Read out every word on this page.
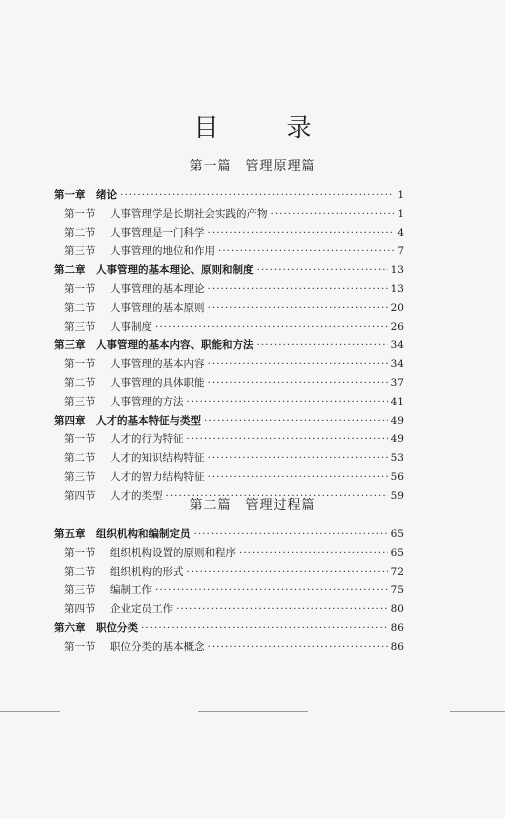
目 录
第一篇　管理原理篇
第一章	绪论 ·····	1
第一节	人事管理学是长期社会实践的产物 ·····	1
第二节	人事管理是一门科学 ·····	4
第三节	人事管理的地位和作用 ·····	7
第二章	人事管理的基本理论、原则和制度 ·····	13
第一节	人事管理的基本理论 ·····	13
第二节	人事管理的基本原则 ·····	20
第三节	人事制度 ·····	26
第三章	人事管理的基本内容、职能和方法 ·····	34
第一节	人事管理的基本内容 ·····	34
第二节	人事管理的具体职能 ·····	37
第三节	人事管理的方法 ·····	41
第四章	人才的基本特征与类型 ·····	49
第一节	人才的行为特征 ·····	49
第二节	人才的知识结构特征 ·····	53
第三节	人才的智力结构特征 ·····	56
第四节	人才的类型 ·····	59
第二篇　管理过程篇
第五章	组织机构和编制定员 ·····	65
第一节	组织机构设置的原则和程序 ·····	65
第二节	组织机构的形式 ·····	72
第三节	编制工作 ·····	75
第四节	企业定员工作 ·····	80
第六章	职位分类 ·····	86
第一节	职位分类的基本概念 ·····	86
